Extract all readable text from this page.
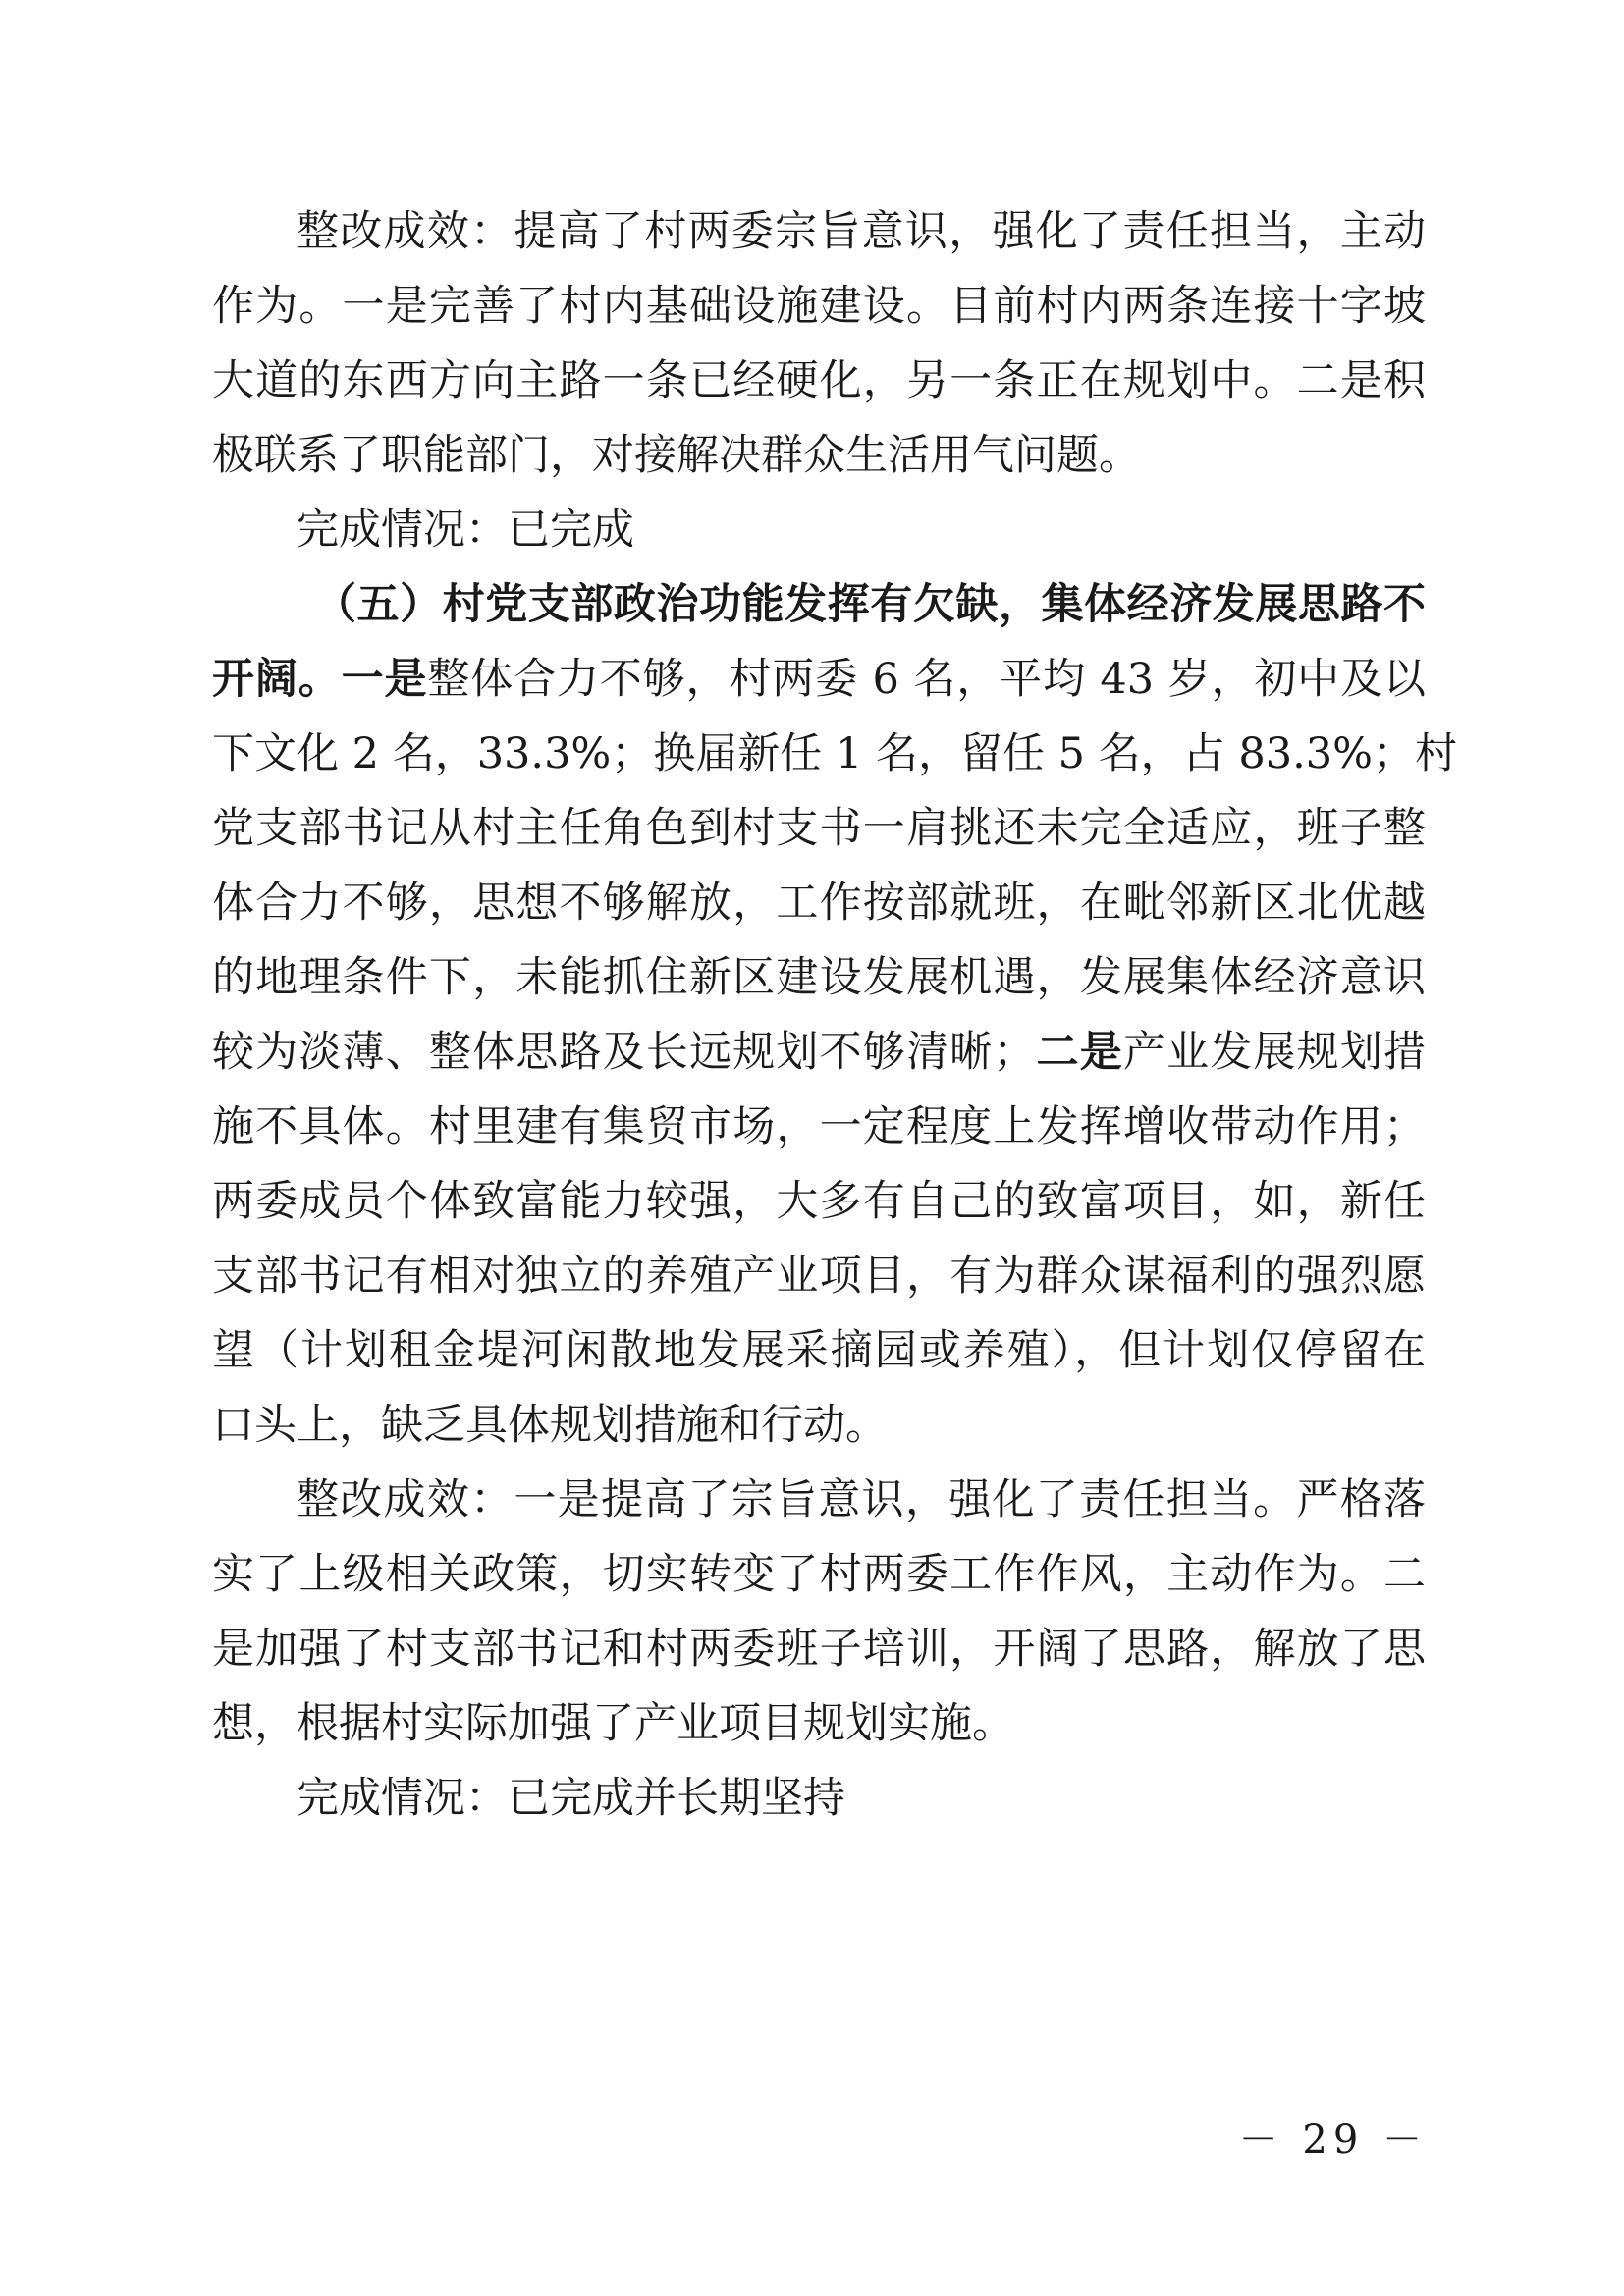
整改成效：提高了村两委宗旨意识，强化了责任担当，主动
作为。一是完善了村内基础设施建设。目前村内两条连接十字坡
大道的东西方向主路一条已经硬化，另一条正在规划中。二是积
极联系了职能部门，对接解决群众生活用气问题。
完成情况：已完成
（五）村党支部政治功能发挥有欠缺，集体经济发展思路不
开阔。一是整体合力不够，村两委 6 名，平均 43 岁，初中及以
下文化 2 名，33.3%；换届新任 1 名，留任 5 名，占 83.3%；村
党支部书记从村主任角色到村支书一肩挑还未完全适应，班子整
体合力不够，思想不够解放，工作按部就班，在毗邻新区北优越
的地理条件下，未能抓住新区建设发展机遇，发展集体经济意识
较为淡薄、整体思路及长远规划不够清晰；二是产业发展规划措
施不具体。村里建有集贸市场，一定程度上发挥增收带动作用；
两委成员个体致富能力较强，大多有自己的致富项目，如，新任
支部书记有相对独立的养殖产业项目，有为群众谋福利的强烈愿
望（计划租金堤河闲散地发展采摘园或养殖），但计划仅停留在
口头上，缺乏具体规划措施和行动。
整改成效：一是提高了宗旨意识，强化了责任担当。严格落
实了上级相关政策，切实转变了村两委工作作风，主动作为。二
是加强了村支部书记和村两委班子培训，开阔了思路，解放了思
想，根据村实际加强了产业项目规划实施。
完成情况：已完成并长期坚持
－ 29 －
